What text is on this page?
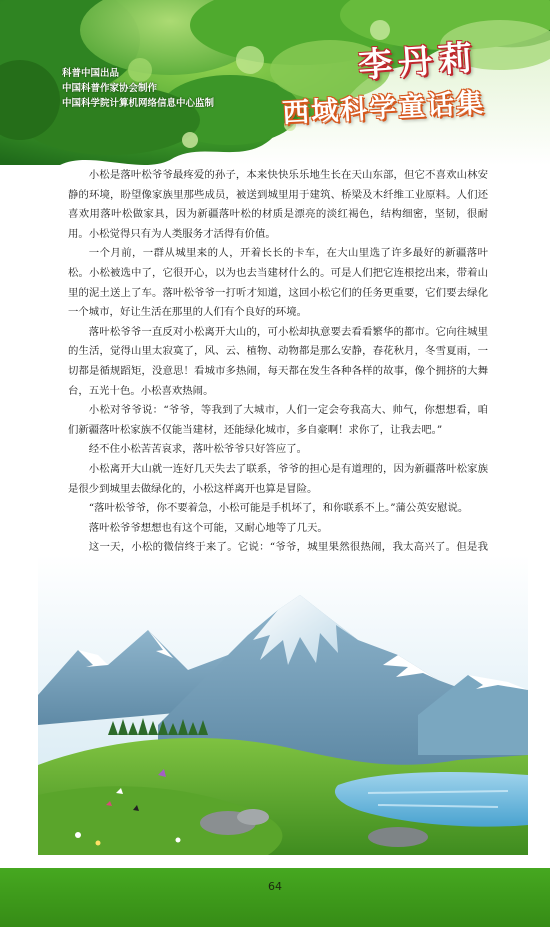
科普中国出品
中国科普作家协会制作
中国科学院计算机网络信息中心监制
李丹莉
西域科学童话集

小松是落叶松爷爷最疼爱的孙子，本来快快乐乐地生长在天山东部，但它不喜欢山林安静的环境，盼望像家族里那些成员，被送到城里用于建筑、桥梁及木纤维工业原料。人们还喜欢用落叶松做家具，因为新疆落叶松的材质是漂亮的淡红褐色，结构细密，坚韧，很耐用。小松觉得只有为人类服务才活得有价值。

一个月前，一群从城里来的人，开着长长的卡车，在大山里选了许多最好的新疆落叶松。小松被选中了，它很开心，以为也去当建材什么的。可是人们把它连根挖出来，带着山里的泥土送上了车。落叶松爷爷一打听才知道，这回小松它们的任务更重要，它们要去绿化一个城市，好让生活在那里的人们有个良好的环境。

落叶松爷爷一直反对小松离开大山的，可小松却执意要去看看繁华的都市。它向往城里的生活，觉得山里太寂寞了，风、云、植物、动物都是那么安静，春花秋月，冬雪夏雨，一切都是循规蹈矩，没意思！看城市多热闹，每天都在发生各种各样的故事，像个拥挤的大舞台，五光十色。小松喜欢热闹。

小松对爷爷说：“爷爷，等我到了大城市，人们一定会夸我高大、帅气，你想想看，咱们新疆落叶松家族不仅能当建材，还能绿化城市，多自豪啊！求你了，让我去吧。”

经不住小松苦苦哀求，落叶松爷爷只好答应了。

小松离开大山就一连好几天失去了联系，爷爷的担心是有道理的，因为新疆落叶松家族是很少到城里去做绿化的，小松这样离开也算是冒险。

“落叶松爷爷，你不要着急，小松可能是手机坏了，和你联系不上。”蒲公英安慰说。

落叶松爷爷想想也有这个可能，又耐心地等了几天。

这一天，小松的微信终于来了。它说：“爷爷，城里果然很热闹，我太高兴了。但是我

64
